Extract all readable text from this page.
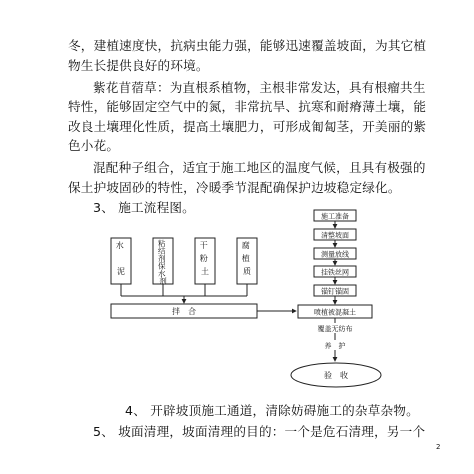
冬，建植速度快，抗病虫能力强，能够迅速覆盖坡面，为其它植
物生长提供良好的环境。
紫花苜蓿草：为直根系植物，主根非常发达，具有根瘤共生
特性，能够固定空气中的氮，非常抗旱、抗寒和耐瘠薄土壤，能
改良土壤理化性质，提高土壤肥力，可形成匍匐茎，开美丽的紫
色小花。
混配种子组合，适宜于施工地区的温度气候，且具有极强的
保土护坡固砂的特性，冷暖季节混配确保护边坡稳定绿化。
3、 施工流程图。
水 泥
粘 结 剂 保 水 剂
干 粉 土
腐 植 质
拌　合
施工准备
清整坡面
测量放线
挂铁丝网
锚钉锚固
喷植被混凝土
覆盖无纺布
养　护
验　收
4、 开辟坡顶施工通道，清除妨碍施工的杂草杂物。
5、 坡面清理，坡面清理的目的：一个是危石清理，另一个
2
